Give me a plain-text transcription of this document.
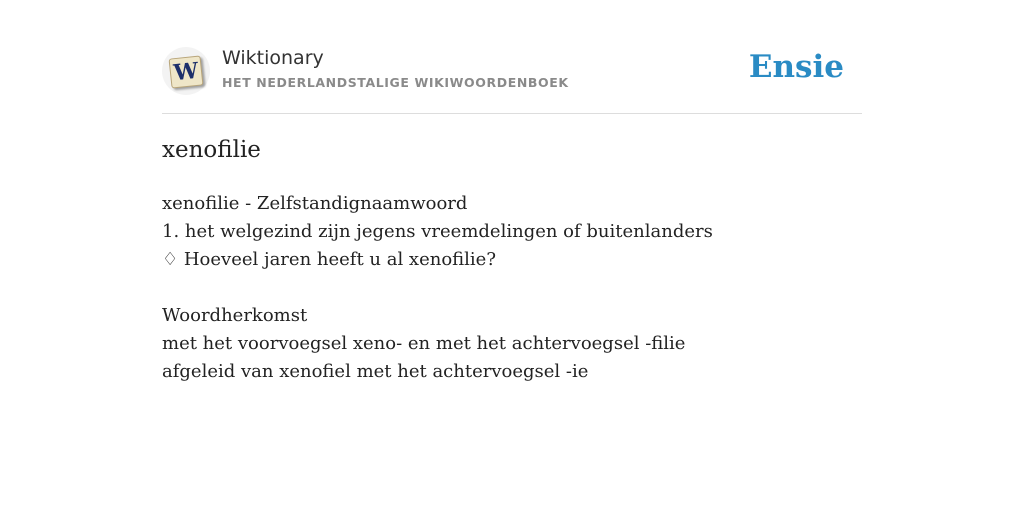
W Wiktionary
HET NEDERLANDSTALIGE WIKIWOORDENBOEK	Ensie
xenofilie
xenofilie - Zelfstandignaamwoord
1. het welgezind zijn jegens vreemdelingen of buitenlanders
♢ Hoeveel jaren heeft u al xenofilie?
Woordherkomst
met het voorvoegsel xeno- en met het achtervoegsel -filie
afgeleid van xenofiel met het achtervoegsel -ie
